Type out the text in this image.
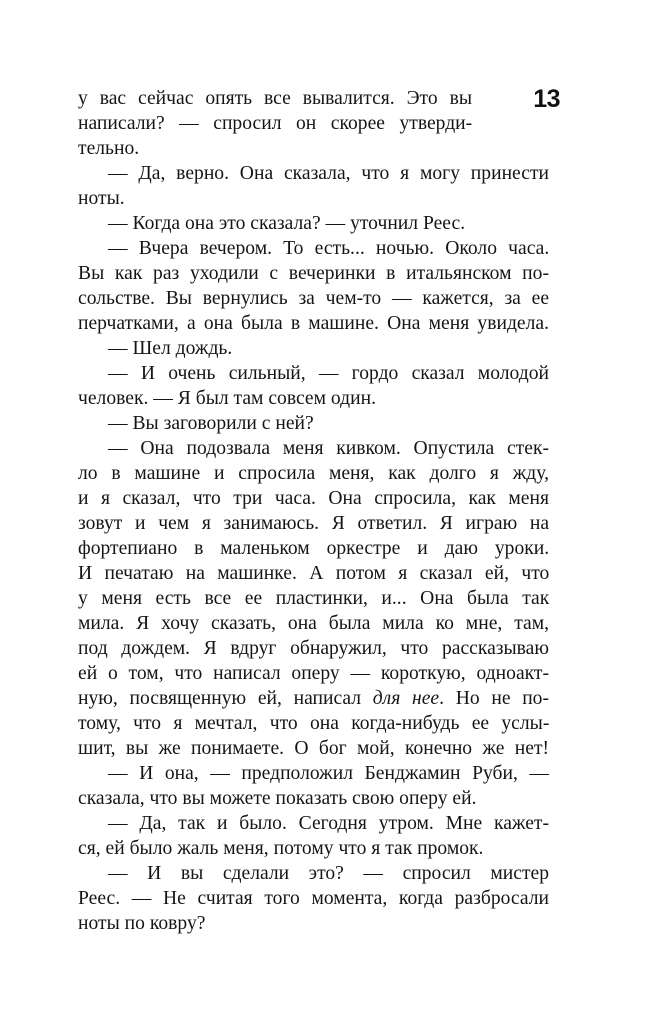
13
у вас сейчас опять все вывалится. Это вы
написали? — спросил он скорее утверди-
тельно.
— Да, верно. Она сказала, что я могу принести
ноты.
— Когда она это сказала? — уточнил Реес.
— Вчера вечером. То есть... ночью. Около часа.
Вы как раз уходили с вечеринки в итальянском по-
сольстве. Вы вернулись за чем-то — кажется, за ее
перчатками, а она была в машине. Она меня увидела.
— Шел дождь.
— И очень сильный, — гордо сказал молодой
человек. — Я был там совсем один.
— Вы заговорили с ней?
— Она подозвала меня кивком. Опустила стек-
ло в машине и спросила меня, как долго я жду,
и я сказал, что три часа. Она спросила, как меня
зовут и чем я занимаюсь. Я ответил. Я играю на
фортепиано в маленьком оркестре и даю уроки.
И печатаю на машинке. А потом я сказал ей, что
у меня есть все ее пластинки, и... Она была так
мила. Я хочу сказать, она была мила ко мне, там,
под дождем. Я вдруг обнаружил, что рассказываю
ей о том, что написал оперу — короткую, одноакт-
ную, посвященную ей, написал для нее. Но не по-
тому, что я мечтал, что она когда-нибудь ее услы-
шит, вы же понимаете. О бог мой, конечно же нет!
— И она, — предположил Бенджамин Руби, —
сказала, что вы можете показать свою оперу ей.
— Да, так и было. Сегодня утром. Мне кажет-
ся, ей было жаль меня, потому что я так промок.
— И вы сделали это? — спросил мистер
Реес. — Не считая того момента, когда разбросали
ноты по ковру?
